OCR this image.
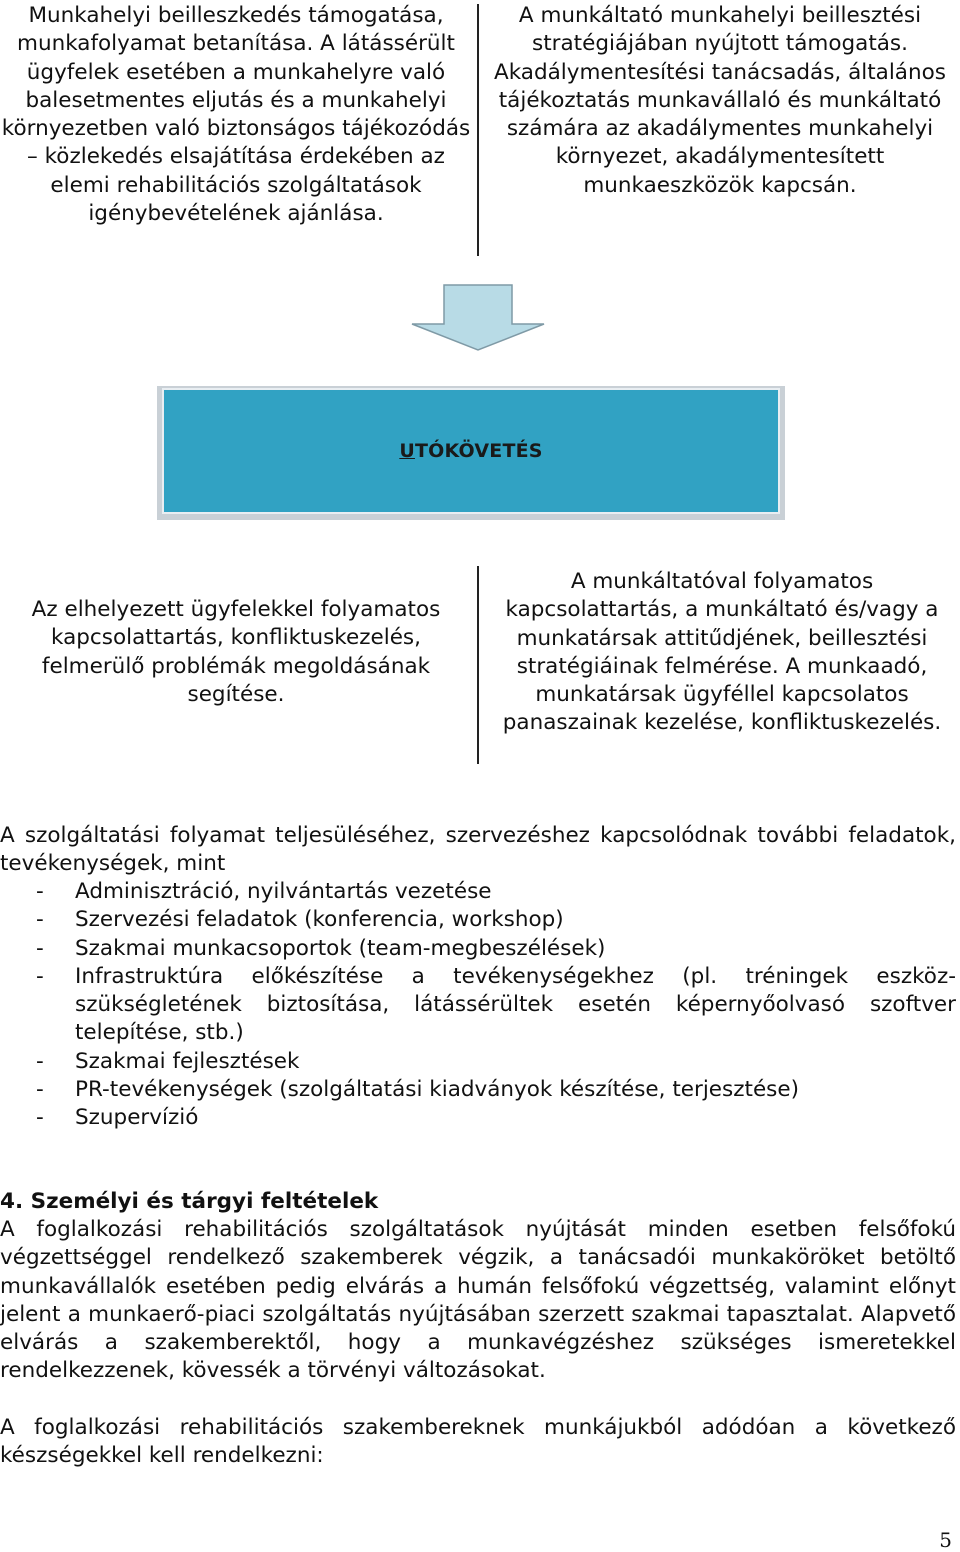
Munkahelyi beilleszkedés támogatása, munkafolyamat betanítása. A látássérült ügyfelek esetében a munkahelyre való balesetmentes eljutás és a munkahelyi környezetben való biztonságos tájékozódás – közlekedés elsajátítása érdekében az elemi rehabilitációs szolgáltatások igénybevételének ajánlása.
A munkáltató munkahelyi beillesztési stratégiájában nyújtott támogatás. Akadálymentesítési tanácsadás, általános tájékoztatás munkavállaló és munkáltató számára az akadálymentes munkahelyi környezet, akadálymentesített munkaeszközök kapcsán.
UTÓKÖVETÉS
Az elhelyezett ügyfelekkel folyamatos kapcsolattartás, konfliktuskezelés, felmerülő problémák megoldásának segítése.
A munkáltatóval folyamatos kapcsolattartás, a munkáltató és/vagy a munkatársak attitűdjének, beillesztési stratégiáinak felmérése. A munkaadó, munkatársak ügyféllel kapcsolatos panaszainak kezelése, konfliktuskezelés.
A szolgáltatási folyamat teljesüléséhez, szervezéshez kapcsolódnak további feladatok, tevékenységek, mint
- Adminisztráció, nyilvántartás vezetése
- Szervezési feladatok (konferencia, workshop)
- Szakmai munkacsoportok (team-megbeszélések)
- Infrastruktúra előkészítése a tevékenységekhez (pl. tréningek eszköz-szükségletének biztosítása, látássérültek esetén képernyőolvasó szoftver telepítése, stb.)
- Szakmai fejlesztések
- PR-tevékenységek (szolgáltatási kiadványok készítése, terjesztése)
- Szupervízió
4. Személyi és tárgyi feltételek
A foglalkozási rehabilitációs szolgáltatások nyújtását minden esetben felsőfokú végzettséggel rendelkező szakemberek végzik, a tanácsadói munkaköröket betöltő munkavállalók esetében pedig elvárás a humán felsőfokú végzettség, valamint előnyt jelent a munkaerő-piaci szolgáltatás nyújtásában szerzett szakmai tapasztalat. Alapvető elvárás a szakemberektől, hogy a munkavégzéshez szükséges ismeretekkel rendelkezzenek, kövessék a törvényi változásokat.
A foglalkozási rehabilitációs szakembereknek munkájukból adódóan a következő készségekkel kell rendelkezni:
5
